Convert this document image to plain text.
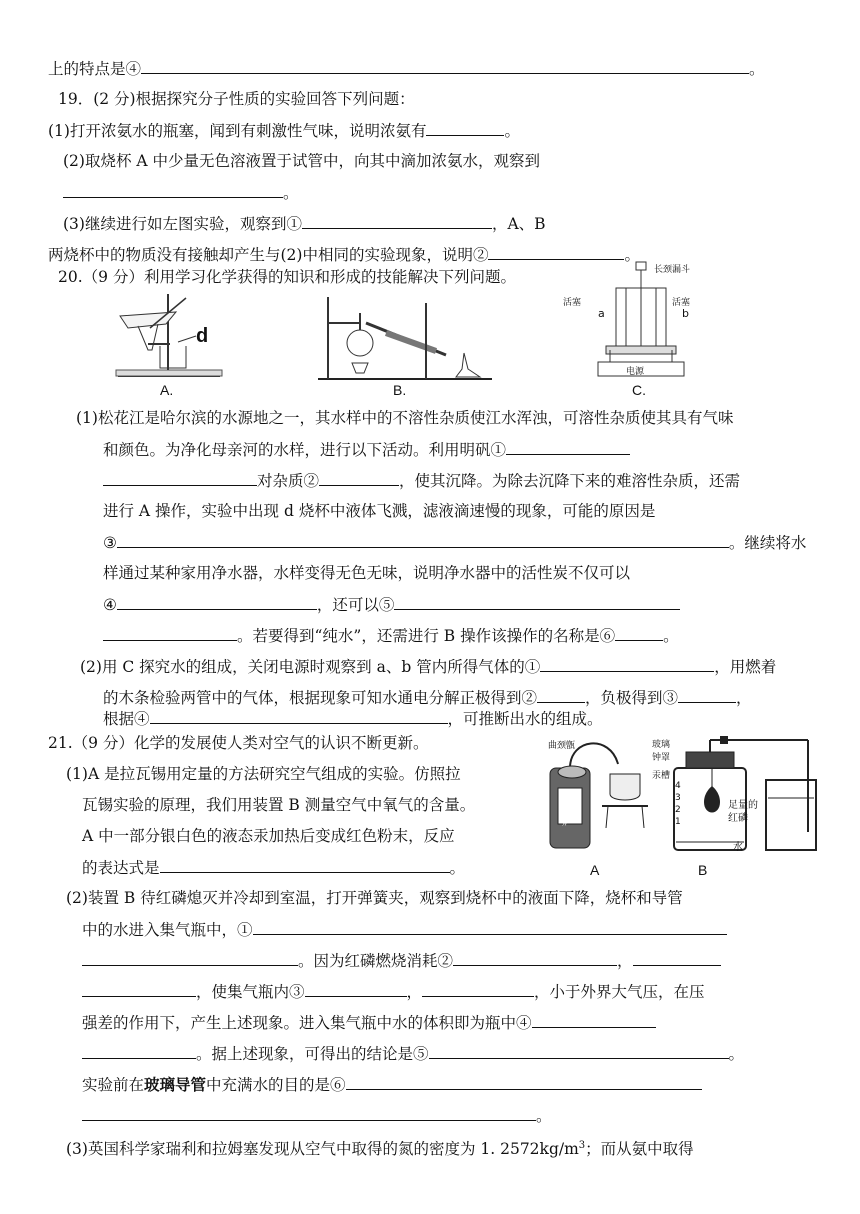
上的特点是④	。
19．(2 分)根据探究分子性质的实验回答下列问题：
(1)打开浓氨水的瓶塞，闻到有刺激性气味，说明浓氨有	。
(2)取烧杯 A 中少量无色溶液置于试管中，向其中滴加浓氨水，观察到
。
(3)继续进行如左图实验，观察到①	，A、B
两烧杯中的物质没有接触却产生与(2)中相同的实验现象，说明②	。
20.（9 分）利用学习化学获得的知识和形成的技能解决下列问题。
d
A.	B.
长颈漏斗
活塞	活塞
a	b
电源
C.
(1)松花江是哈尔滨的水源地之一，其水样中的不溶性杂质使江水浑浊，可溶性杂质使其具有气味
和颜色。为净化母亲河的水样，进行以下活动。利用明矾①
对杂质②	，使其沉降。为除去沉降下来的难溶性杂质，还需
进行 A 操作，实验中出现 d 烧杯中液体飞溅，滤液滴速慢的现象，可能的原因是
③	。继续将水
样通过某种家用净水器，水样变得无色无味，说明净水器中的活性炭不仅可以
④	，还可以⑤
。若要得到“纯水”，还需进行 B 操作该操作的名称是⑥	。
(2)用 C 探究水的组成，关闭电源时观察到 a、b 管内所得气体的①	，用燃着
的木条检验两管中的气体，根据现象可知水通电分解正极得到②	，负极得到③	，
根据④	，可推断出水的组成。
21.（9 分）化学的发展使人类对空气的认识不断更新。
(1)A 是拉瓦锡用定量的方法研究空气组成的实验。仿照拉
瓦锡实验的原理，我们用装置 B 测量空气中氧气的含量。
A 中一部分银白色的液态汞加热后变成红色粉末，反应
的表达式是	。
曲颈甑	玻璃
钟罩
汞槽
火炉
A
4
3
2
1
足量的
红磷
水
B
(2)装置 B 待红磷熄灭并冷却到室温，打开弹簧夹，观察到烧杯中的液面下降，烧杯和导管
中的水进入集气瓶中，①
。因为红磷燃烧消耗②	，
，使集气瓶内③	，	，小于外界大气压，在压
强差的作用下，产生上述现象。进入集气瓶中水的体积即为瓶中④
。据上述现象，可得出的结论是⑤	。
实验前在玻璃导管中充满水的目的是⑥
。
(3)英国科学家瑞利和拉姆塞发现从空气中取得的氮的密度为 1. $2572kg/m^3$；而从氨中取得
